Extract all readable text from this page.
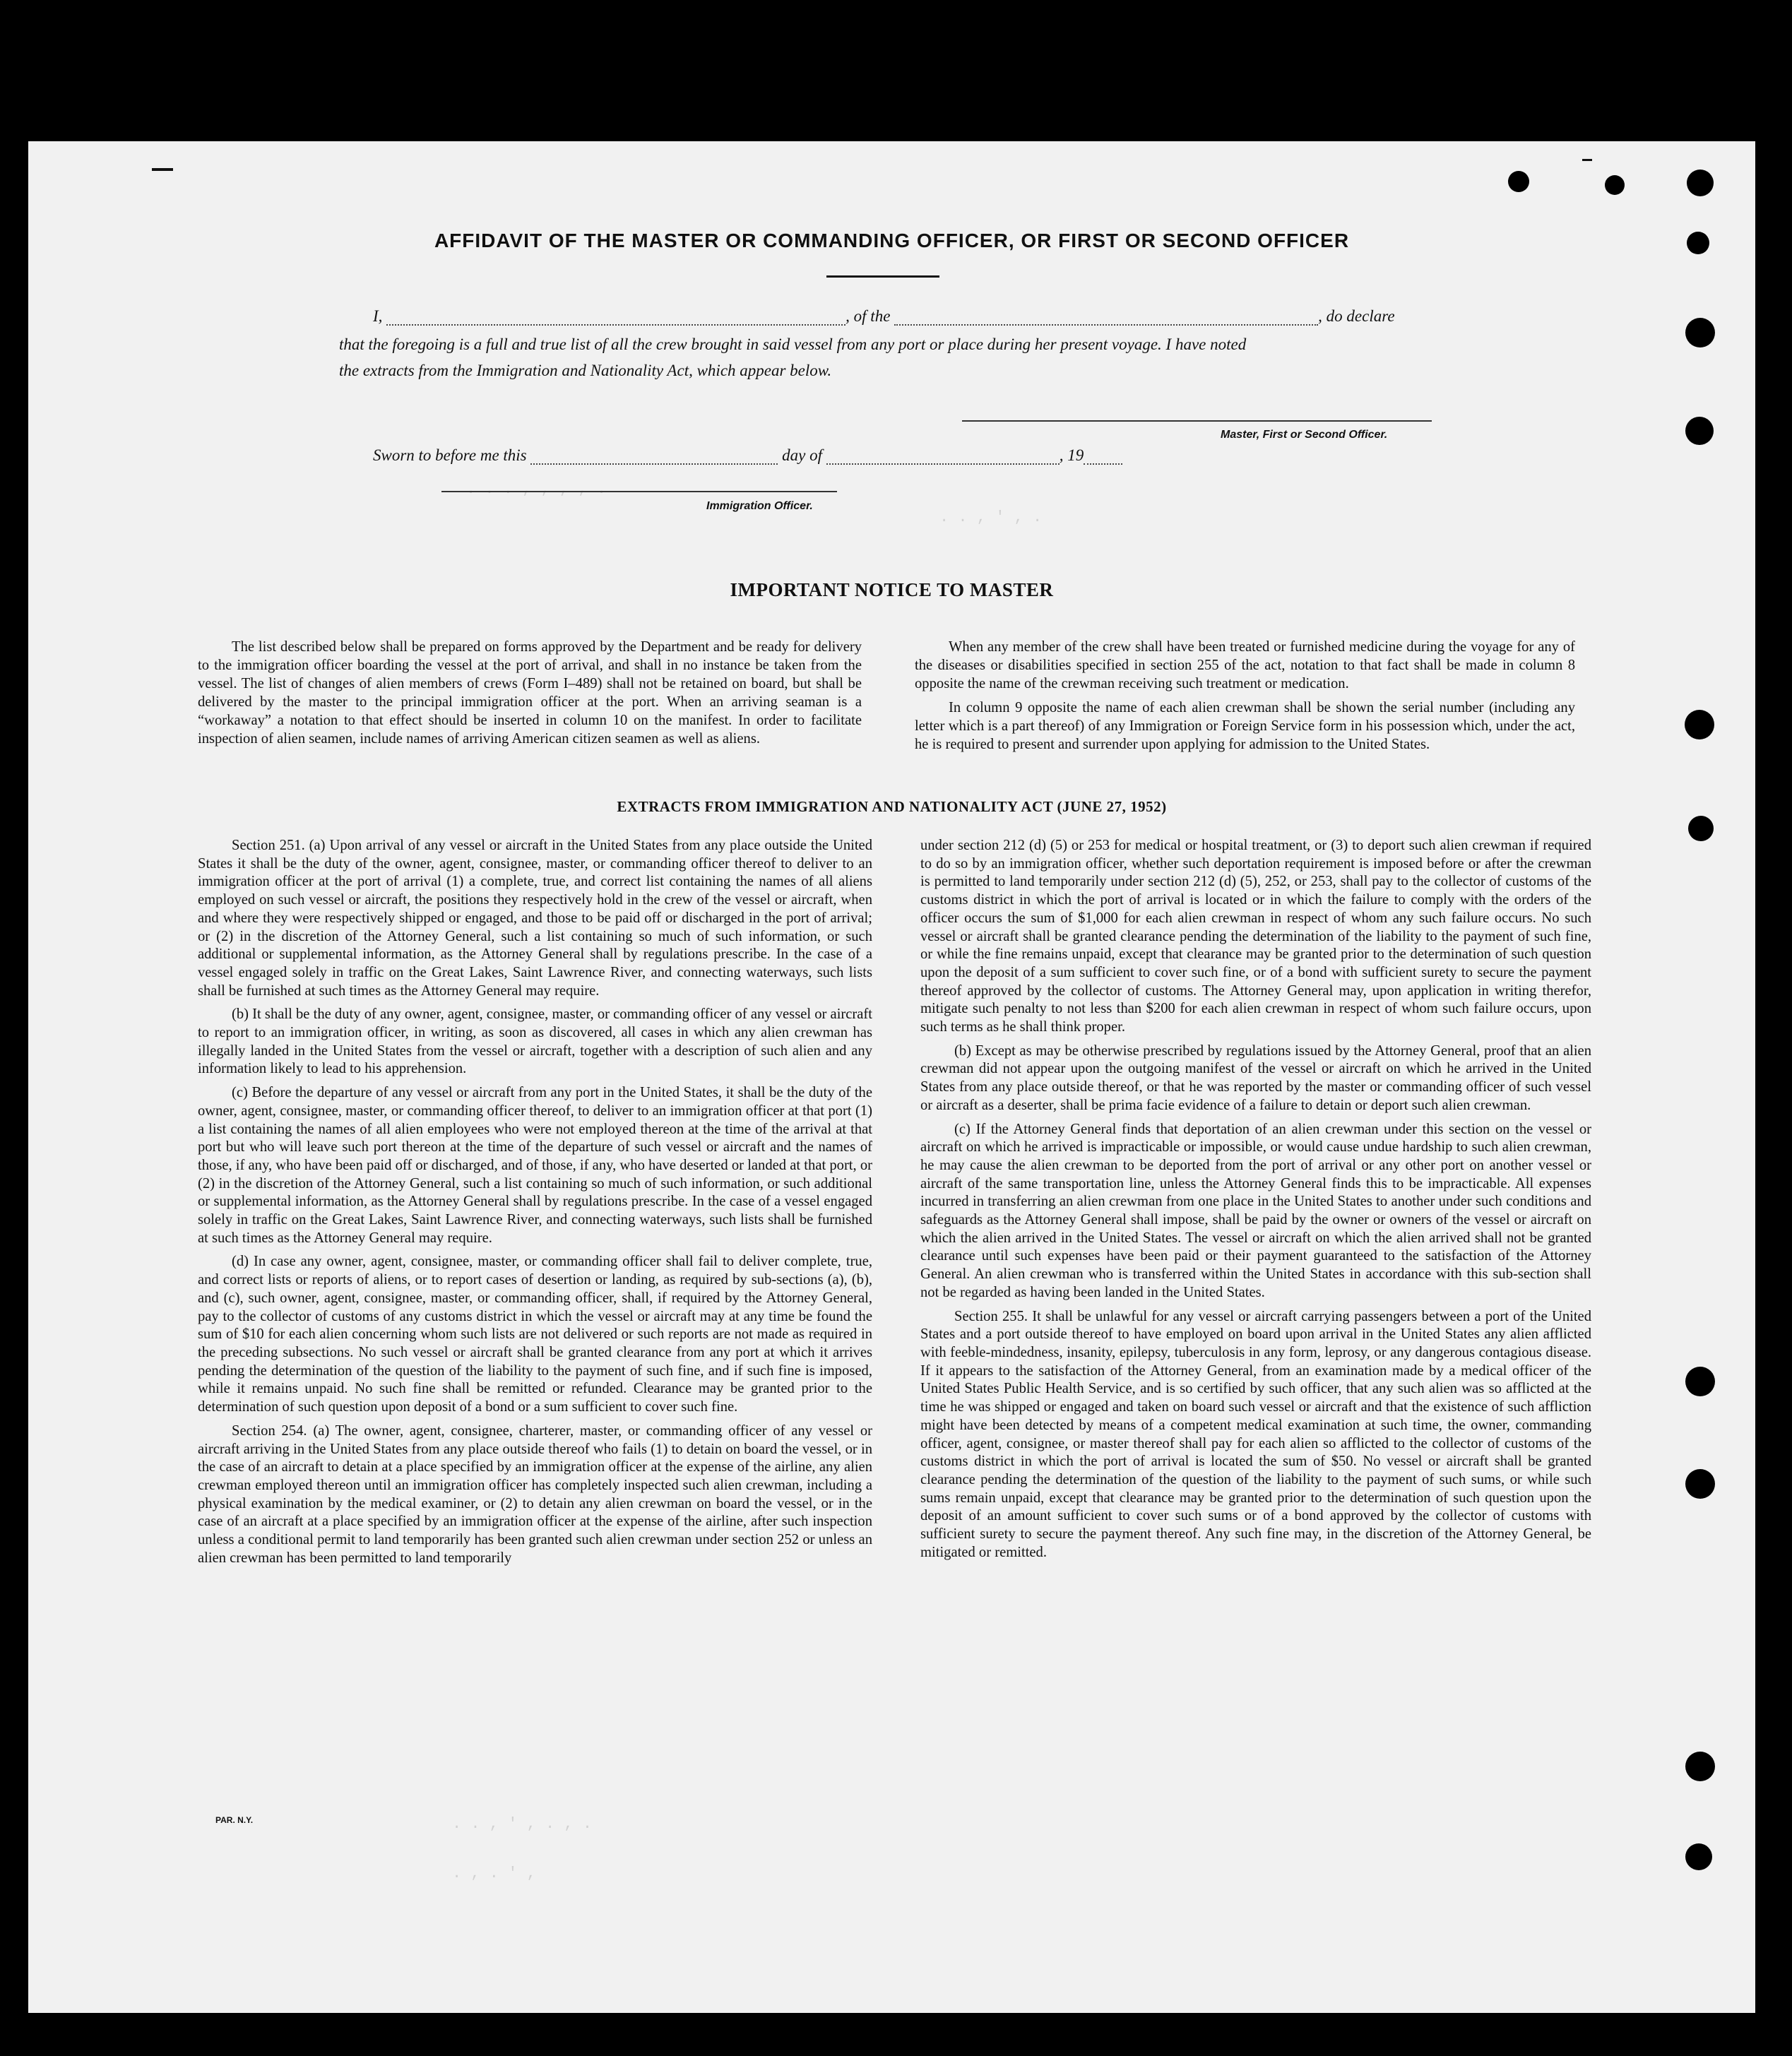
. . . , , , , .
. . , ' , .
. . , ' , . , .
. , . ' ,
AFFIDAVIT OF THE MASTER OR COMMANDING OFFICER, OR FIRST OR SECOND OFFICER
I,	, of the	, do declare
that the foregoing is a full and true list of all the crew brought in said vessel from any port or place during her present voyage. I have noted
the extracts from the Immigration and Nationality Act, which appear below.
Master, First or Second Officer.
Sworn to before me this	day of	, 19
Immigration Officer.
IMPORTANT NOTICE TO MASTER

The list described below shall be prepared on forms approved by the Department and be ready for delivery to the immigration officer boarding the vessel at the port of arrival, and shall in no instance be taken from the vessel. The list of changes of alien members of crews (Form I–489) shall not be retained on board, but shall be delivered by the master to the principal immigration officer at the port. When an arriving seaman is a “workaway” a notation to that effect should be inserted in column 10 on the manifest. In order to facilitate inspection of alien seamen, include names of arriving American citizen seamen as well as aliens.

When any member of the crew shall have been treated or furnished medicine during the voyage for any of the diseases or disabilities specified in section 255 of the act, notation to that fact shall be made in column 8 opposite the name of the crewman receiving such treatment or medication.

In column 9 opposite the name of each alien crewman shall be shown the serial number (including any letter which is a part thereof) of any Immigration or Foreign Service form in his possession which, under the act, he is required to present and surrender upon applying for admission to the United States.

EXTRACTS FROM IMMIGRATION AND NATIONALITY ACT (JUNE 27, 1952)

Section 251. (a) Upon arrival of any vessel or aircraft in the United States from any place outside the United States it shall be the duty of the owner, agent, consignee, master, or commanding officer thereof to deliver to an immigration officer at the port of arrival (1) a complete, true, and correct list containing the names of all aliens employed on such vessel or aircraft, the positions they respectively hold in the crew of the vessel or aircraft, when and where they were respectively shipped or engaged, and those to be paid off or discharged in the port of arrival; or (2) in the discretion of the Attorney General, such a list containing so much of such information, or such additional or supplemental information, as the Attorney General shall by regulations prescribe. In the case of a vessel engaged solely in traffic on the Great Lakes, Saint Lawrence River, and connecting waterways, such lists shall be furnished at such times as the Attorney General may require.

(b) It shall be the duty of any owner, agent, consignee, master, or commanding officer of any vessel or aircraft to report to an immigration officer, in writing, as soon as discovered, all cases in which any alien crewman has illegally landed in the United States from the vessel or aircraft, together with a description of such alien and any information likely to lead to his apprehension.

(c) Before the departure of any vessel or aircraft from any port in the United States, it shall be the duty of the owner, agent, consignee, master, or commanding officer thereof, to deliver to an immigration officer at that port (1) a list containing the names of all alien employees who were not employed thereon at the time of the arrival at that port but who will leave such port thereon at the time of the departure of such vessel or aircraft and the names of those, if any, who have been paid off or discharged, and of those, if any, who have deserted or landed at that port, or (2) in the discretion of the Attorney General, such a list containing so much of such information, or such additional or supplemental information, as the Attorney General shall by regulations prescribe. In the case of a vessel engaged solely in traffic on the Great Lakes, Saint Lawrence River, and connecting waterways, such lists shall be furnished at such times as the Attorney General may require.

(d) In case any owner, agent, consignee, master, or commanding officer shall fail to deliver complete, true, and correct lists or reports of aliens, or to report cases of desertion or landing, as required by sub-sections (a), (b), and (c), such owner, agent, consignee, master, or commanding officer, shall, if required by the Attorney General, pay to the collector of customs of any customs district in which the vessel or aircraft may at any time be found the sum of $10 for each alien concerning whom such lists are not delivered or such reports are not made as required in the preceding subsections. No such vessel or aircraft shall be granted clearance from any port at which it arrives pending the determination of the question of the liability to the payment of such fine, and if such fine is imposed, while it remains unpaid. No such fine shall be remitted or refunded. Clearance may be granted prior to the determination of such question upon deposit of a bond or a sum sufficient to cover such fine.

Section 254. (a) The owner, agent, consignee, charterer, master, or commanding officer of any vessel or aircraft arriving in the United States from any place outside thereof who fails (1) to detain on board the vessel, or in the case of an aircraft to detain at a place specified by an immigration officer at the expense of the airline, any alien crewman employed thereon until an immigration officer has completely inspected such alien crewman, including a physical examination by the medical examiner, or (2) to detain any alien crewman on board the vessel, or in the case of an aircraft at a place specified by an immigration officer at the expense of the airline, after such inspection unless a conditional permit to land temporarily has been granted such alien crewman under section 252 or unless an alien crewman has been permitted to land temporarily

under section 212 (d) (5) or 253 for medical or hospital treatment, or (3) to deport such alien crewman if required to do so by an immigration officer, whether such deportation requirement is imposed before or after the crewman is permitted to land temporarily under section 212 (d) (5), 252, or 253, shall pay to the collector of customs of the customs district in which the port of arrival is located or in which the failure to comply with the orders of the officer occurs the sum of $1,000 for each alien crewman in respect of whom any such failure occurs. No such vessel or aircraft shall be granted clearance pending the determination of the liability to the payment of such fine, or while the fine remains unpaid, except that clearance may be granted prior to the determination of such question upon the deposit of a sum sufficient to cover such fine, or of a bond with sufficient surety to secure the payment thereof approved by the collector of customs. The Attorney General may, upon application in writing therefor, mitigate such penalty to not less than $200 for each alien crewman in respect of whom such failure occurs, upon such terms as he shall think proper.

(b) Except as may be otherwise prescribed by regulations issued by the Attorney General, proof that an alien crewman did not appear upon the outgoing manifest of the vessel or aircraft on which he arrived in the United States from any place outside thereof, or that he was reported by the master or commanding officer of such vessel or aircraft as a deserter, shall be prima facie evidence of a failure to detain or deport such alien crewman.

(c) If the Attorney General finds that deportation of an alien crewman under this section on the vessel or aircraft on which he arrived is impracticable or impossible, or would cause undue hardship to such alien crewman, he may cause the alien crewman to be deported from the port of arrival or any other port on another vessel or aircraft of the same transportation line, unless the Attorney General finds this to be impracticable. All expenses incurred in transferring an alien crewman from one place in the United States to another under such conditions and safeguards as the Attorney General shall impose, shall be paid by the owner or owners of the vessel or aircraft on which the alien arrived in the United States. The vessel or aircraft on which the alien arrived shall not be granted clearance until such expenses have been paid or their payment guaranteed to the satisfaction of the Attorney General. An alien crewman who is transferred within the United States in accordance with this sub-section shall not be regarded as having been landed in the United States.

Section 255. It shall be unlawful for any vessel or aircraft carrying passengers between a port of the United States and a port outside thereof to have employed on board upon arrival in the United States any alien afflicted with feeble-mindedness, insanity, epilepsy, tuberculosis in any form, leprosy, or any dangerous contagious disease. If it appears to the satisfaction of the Attorney General, from an examination made by a medical officer of the United States Public Health Service, and is so certified by such officer, that any such alien was so afflicted at the time he was shipped or engaged and taken on board such vessel or aircraft and that the existence of such affliction might have been detected by means of a competent medical examination at such time, the owner, commanding officer, agent, consignee, or master thereof shall pay for each alien so afflicted to the collector of customs of the customs district in which the port of arrival is located the sum of $50. No vessel or aircraft shall be granted clearance pending the determination of the question of the liability to the payment of such sums, or while such sums remain unpaid, except that clearance may be granted prior to the determination of such question upon the deposit of an amount sufficient to cover such sums or of a bond approved by the collector of customs with sufficient surety to secure the payment thereof. Any such fine may, in the discretion of the Attorney General, be mitigated or remitted.

PAR. N.Y.
